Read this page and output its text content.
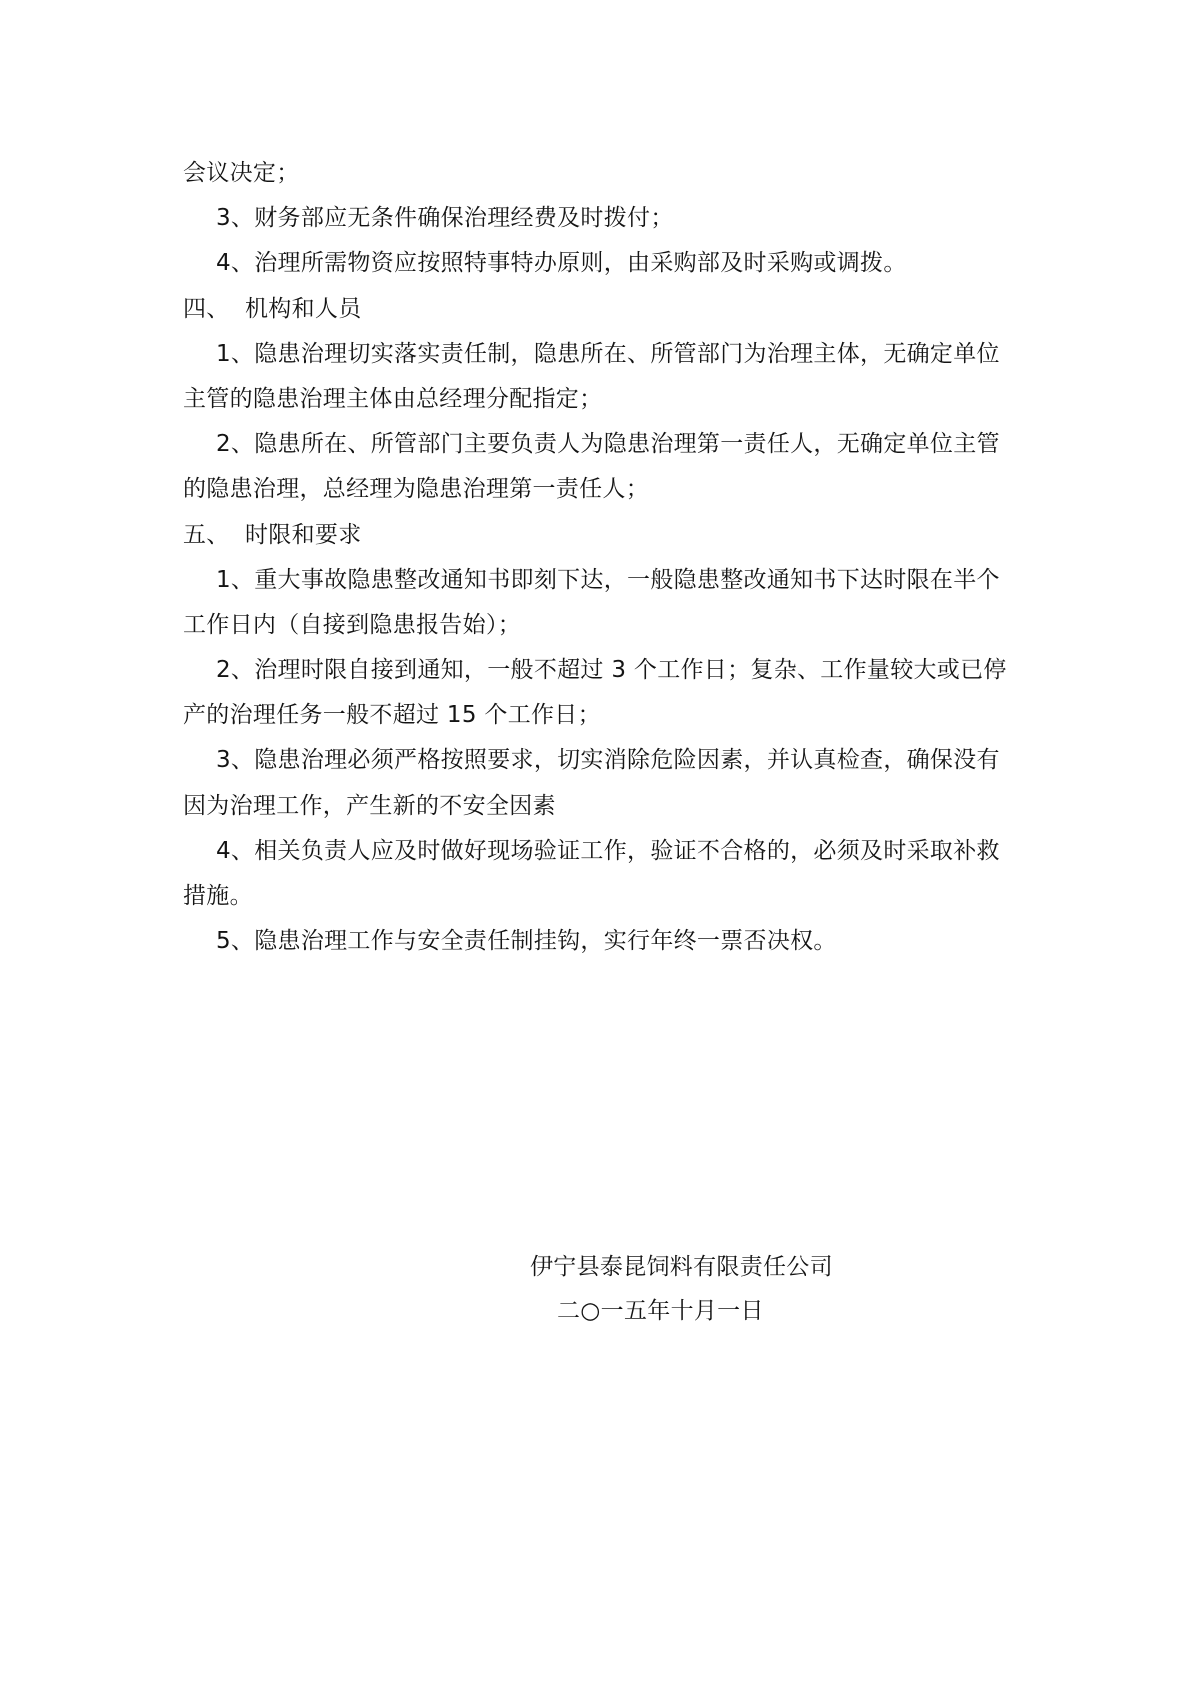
会议决定；
3、财务部应无条件确保治理经费及时拨付；
4、治理所需物资应按照特事特办原则，由采购部及时采购或调拨。
四、 机构和人员
1、隐患治理切实落实责任制，隐患所在、所管部门为治理主体，无确定单位
主管的隐患治理主体由总经理分配指定；
2、隐患所在、所管部门主要负责人为隐患治理第一责任人，无确定单位主管
的隐患治理，总经理为隐患治理第一责任人；
五、 时限和要求
1、重大事故隐患整改通知书即刻下达，一般隐患整改通知书下达时限在半个
工作日内（自接到隐患报告始）；
2、治理时限自接到通知，一般不超过 3 个工作日；复杂、工作量较大或已停
产的治理任务一般不超过 15 个工作日；
3、隐患治理必须严格按照要求，切实消除危险因素，并认真检查，确保没有
因为治理工作，产生新的不安全因素
4、相关负责人应及时做好现场验证工作，验证不合格的，必须及时采取补救
措施。
5、隐患治理工作与安全责任制挂钩，实行年终一票否决权。
伊宁县泰昆饲料有限责任公司
二○一五年十月一日
